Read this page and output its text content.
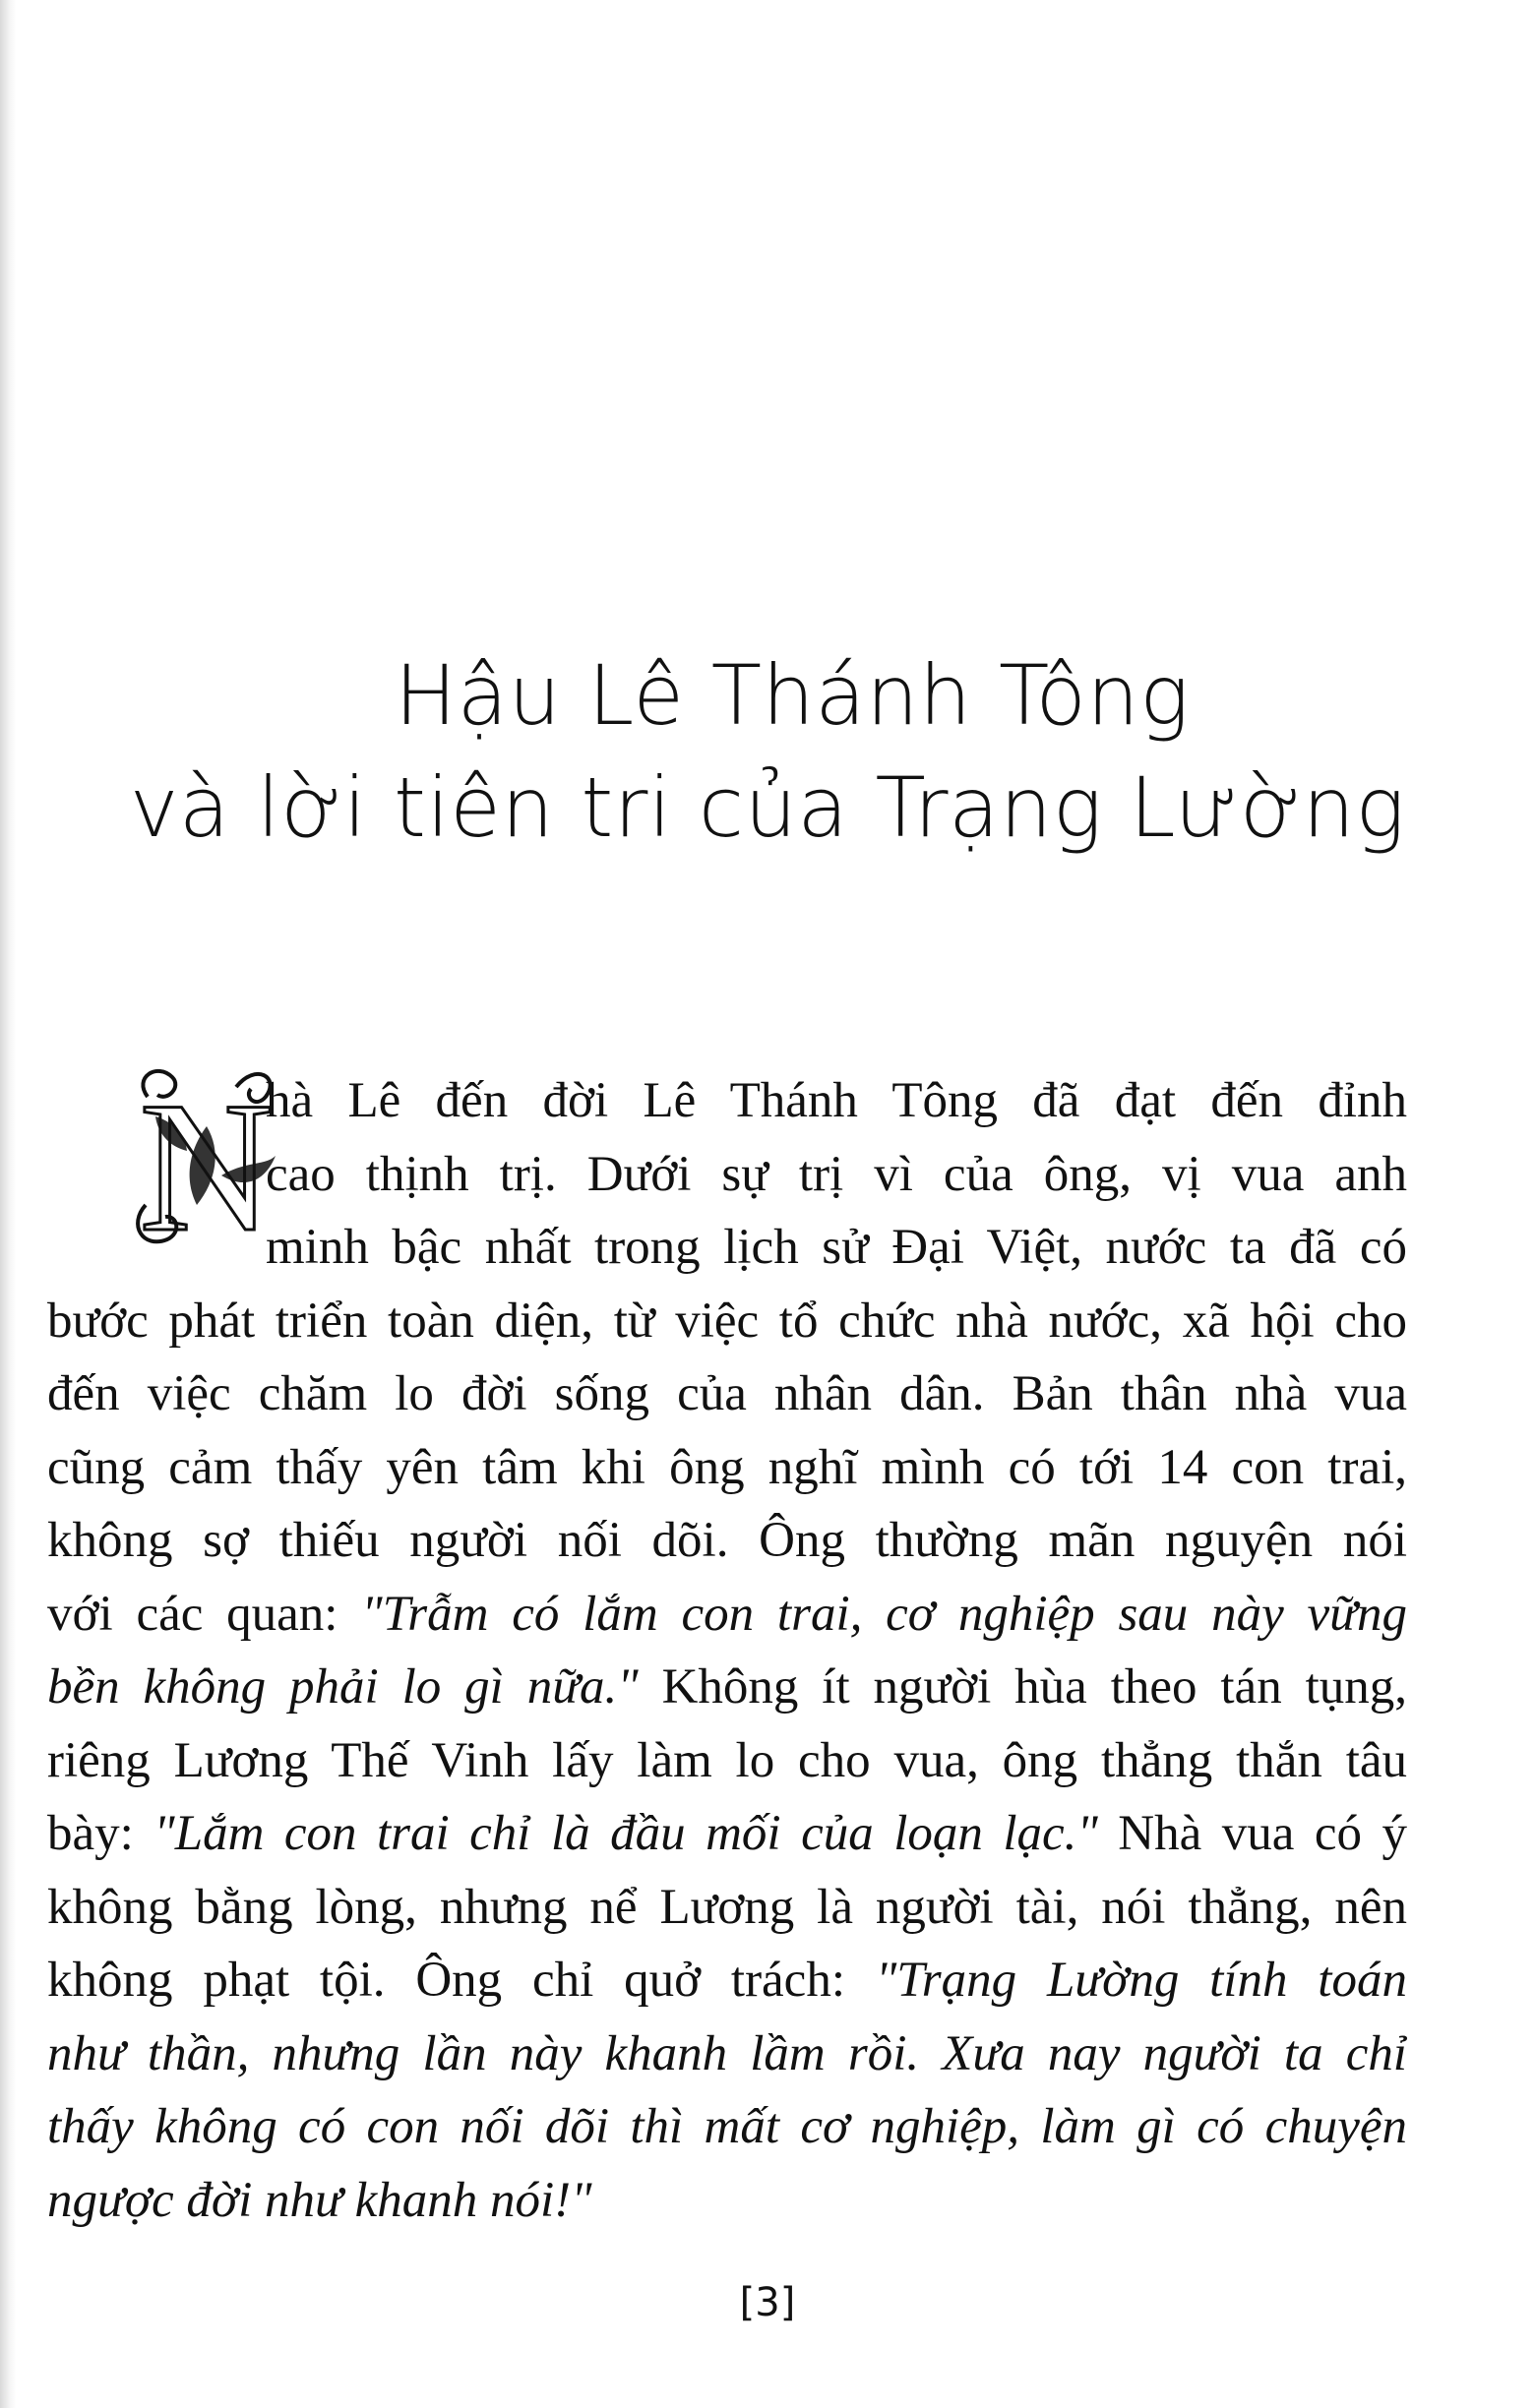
Hậu Lê Thánh Tông
và lời tiên tri của Trạng Lường
N
hà Lê đến đời Lê Thánh Tông đã đạt đến đỉnh
cao thịnh trị. Dưới sự trị vì của ông, vị vua anh
minh bậc nhất trong lịch sử Đại Việt, nước ta đã có
bước phát triển toàn diện, từ việc tổ chức nhà nước, xã hội cho
đến việc chăm lo đời sống của nhân dân. Bản thân nhà vua
cũng cảm thấy yên tâm khi ông nghĩ mình có tới 14 con trai,
không sợ thiếu người nối dõi. Ông thường mãn nguyện nói
với các quan: "Trẫm có lắm con trai, cơ nghiệp sau này vững
bền không phải lo gì nữa." Không ít người hùa theo tán tụng,
riêng Lương Thế Vinh lấy làm lo cho vua, ông thẳng thắn tâu
bày: "Lắm con trai chỉ là đầu mối của loạn lạc." Nhà vua có ý
không bằng lòng, nhưng nể Lương là người tài, nói thẳng, nên
không phạt tội. Ông chỉ quở trách: "Trạng Lường tính toán
như thần, nhưng lần này khanh lầm rồi. Xưa nay người ta chỉ
thấy không có con nối dõi thì mất cơ nghiệp, làm gì có chuyện
ngược đời như khanh nói!"
[3]
